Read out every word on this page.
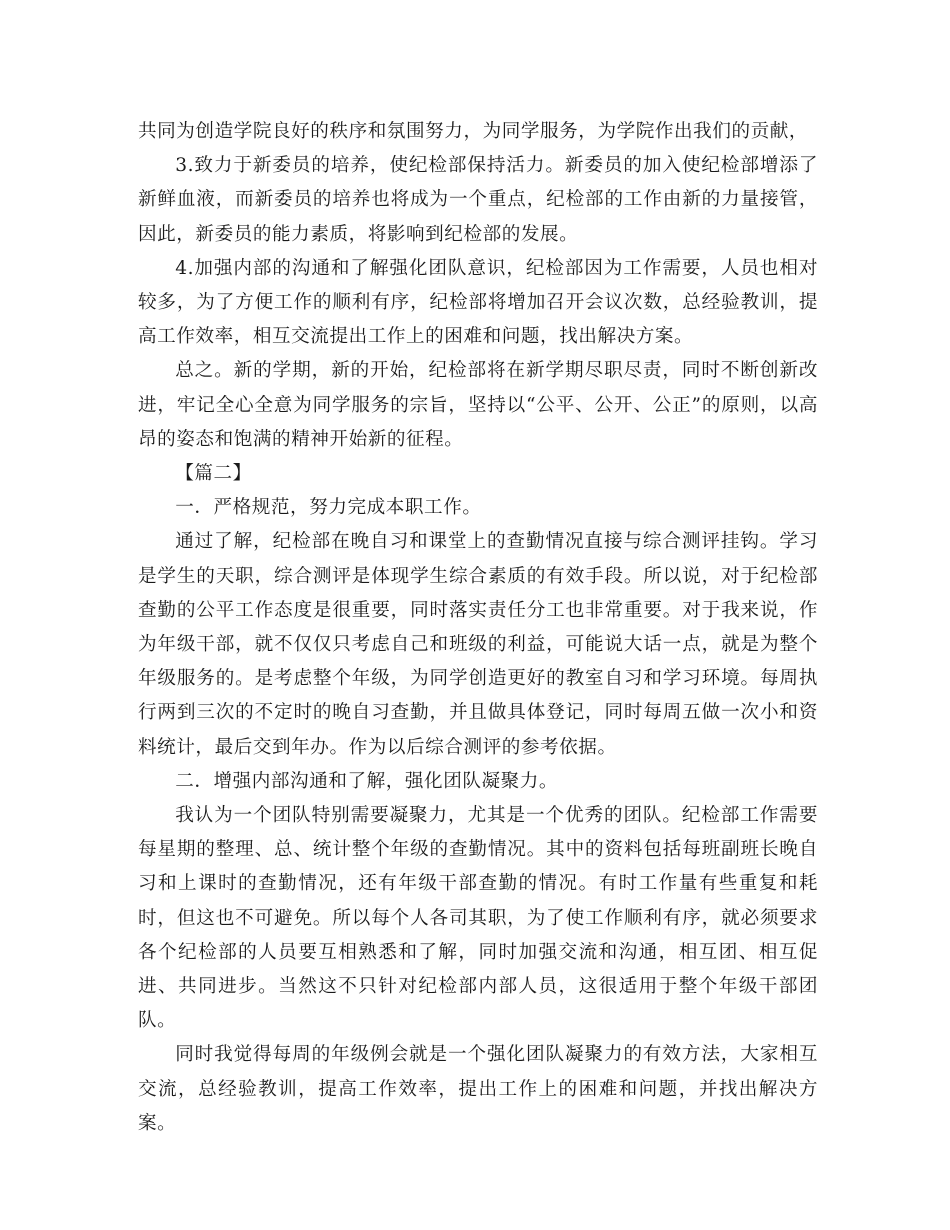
共同为创造学院良好的秩序和氛围努力，为同学服务，为学院作出我们的贡献，

3.致力于新委员的培养，使纪检部保持活力。新委员的加入使纪检部增添了新鲜血液，而新委员的培养也将成为一个重点，纪检部的工作由新的力量接管，因此，新委员的能力素质，将影响到纪检部的发展。

4.加强内部的沟通和了解强化团队意识，纪检部因为工作需要，人员也相对较多，为了方便工作的顺利有序，纪检部将增加召开会议次数，总经验教训，提高工作效率，相互交流提出工作上的困难和问题，找出解决方案。

总之。新的学期，新的开始，纪检部将在新学期尽职尽责，同时不断创新改进，牢记全心全意为同学服务的宗旨，坚持以“公平、公开、公正”的原则，以高昂的姿态和饱满的精神开始新的征程。

【篇二】

一．严格规范，努力完成本职工作。

通过了解，纪检部在晚自习和课堂上的查勤情况直接与综合测评挂钩。学习是学生的天职，综合测评是体现学生综合素质的有效手段。所以说，对于纪检部查勤的公平工作态度是很重要，同时落实责任分工也非常重要。对于我来说，作为年级干部，就不仅仅只考虑自己和班级的利益，可能说大话一点，就是为整个年级服务的。是考虑整个年级，为同学创造更好的教室自习和学习环境。每周执行两到三次的不定时的晚自习查勤，并且做具体登记，同时每周五做一次小和资料统计，最后交到年办。作为以后综合测评的参考依据。

二．增强内部沟通和了解，强化团队凝聚力。

我认为一个团队特别需要凝聚力，尤其是一个优秀的团队。纪检部工作需要每星期的整理、总、统计整个年级的查勤情况。其中的资料包括每班副班长晚自习和上课时的查勤情况，还有年级干部查勤的情况。有时工作量有些重复和耗时，但这也不可避免。所以每个人各司其职，为了使工作顺利有序，就必须要求各个纪检部的人员要互相熟悉和了解，同时加强交流和沟通，相互团、相互促进、共同进步。当然这不只针对纪检部内部人员，这很适用于整个年级干部团队。

同时我觉得每周的年级例会就是一个强化团队凝聚力的有效方法，大家相互交流，总经验教训，提高工作效率，提出工作上的困难和问题，并找出解决方案。
